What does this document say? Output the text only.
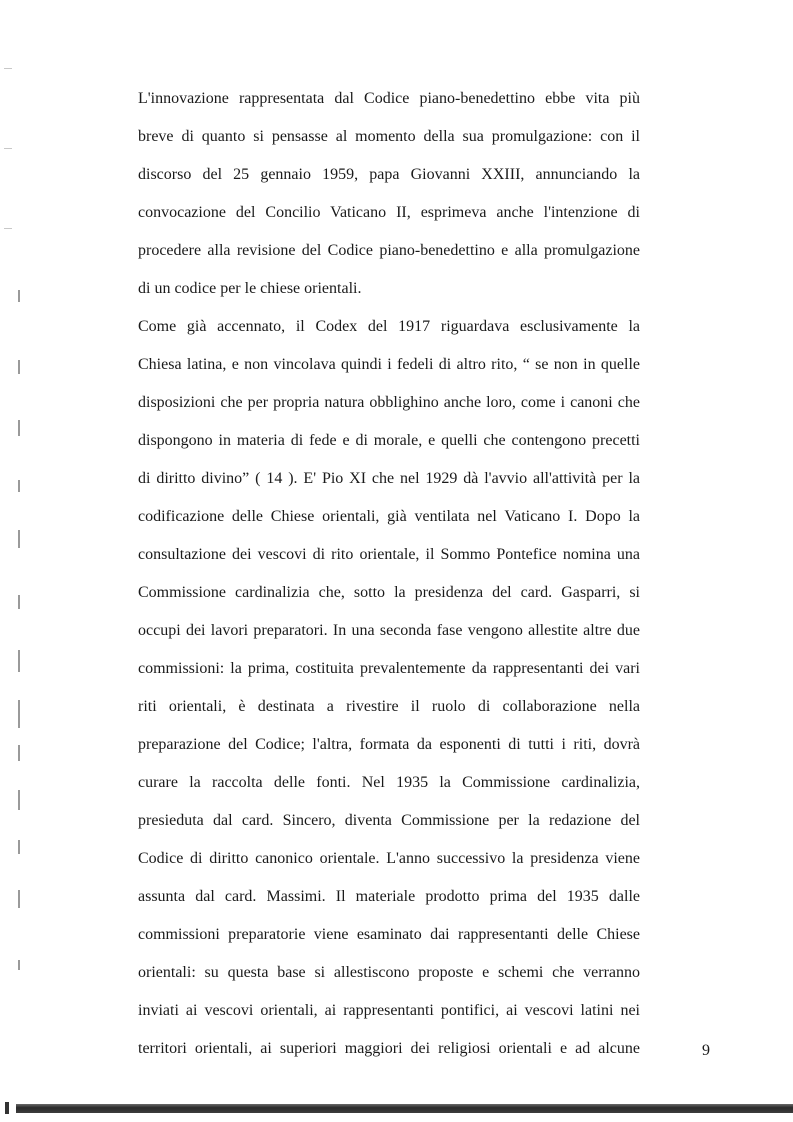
L'innovazione rappresentata dal Codice piano-benedettino ebbe vita più
breve di quanto si pensasse al momento della sua promulgazione: con il
discorso del 25 gennaio 1959, papa Giovanni XXIII, annunciando la
convocazione del Concilio Vaticano II, esprimeva anche l'intenzione di
procedere alla revisione del Codice piano-benedettino e alla promulgazione
di un codice per le chiese orientali.
Come già accennato, il Codex del 1917 riguardava esclusivamente la
Chiesa latina, e non vincolava quindi i fedeli di altro rito, “ se non in quelle
disposizioni che per propria natura obblighino anche loro, come i canoni che
dispongono in materia di fede e di morale, e quelli che contengono precetti
di diritto divino” ( 14 ). E' Pio XI che nel 1929 dà l'avvio all'attività per la
codificazione delle Chiese orientali, già ventilata nel Vaticano I. Dopo la
consultazione dei vescovi di rito orientale, il Sommo Pontefice nomina una
Commissione cardinalizia che, sotto la presidenza del card. Gasparri, si
occupi dei lavori preparatori. In una seconda fase vengono allestite altre due
commissioni: la prima, costituita prevalentemente da rappresentanti dei vari
riti orientali, è destinata a rivestire il ruolo di collaborazione nella
preparazione del Codice; l'altra, formata da esponenti di tutti i riti, dovrà
curare la raccolta delle fonti. Nel 1935 la Commissione cardinalizia,
presieduta dal card. Sincero, diventa Commissione per la redazione del
Codice di diritto canonico orientale. L'anno successivo la presidenza viene
assunta dal card. Massimi. Il materiale prodotto prima del 1935 dalle
commissioni preparatorie viene esaminato dai rappresentanti delle Chiese
orientali: su questa base si allestiscono proposte e schemi che verranno
inviati ai vescovi orientali, ai rappresentanti pontifici, ai vescovi latini nei
territori orientali, ai superiori maggiori dei religiosi orientali e ad alcune	9
